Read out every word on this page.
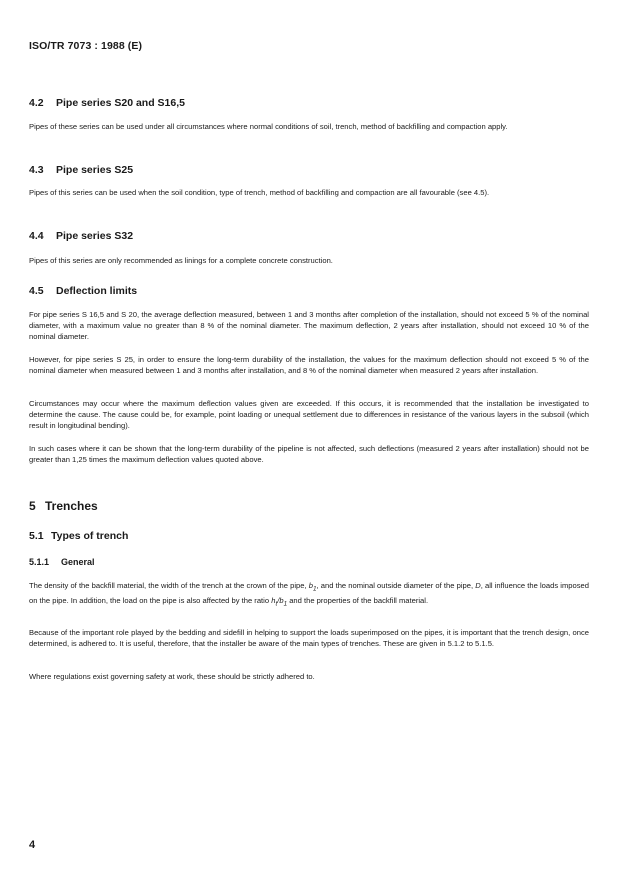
ISO/TR 7073 : 1988 (E)
4.2 Pipe series S20 and S16,5
Pipes of these series can be used under all circumstances where normal conditions of soil, trench, method of backfilling and compaction apply.
4.3 Pipe series S25
Pipes of this series can be used when the soil condition, type of trench, method of backfilling and compaction are all favourable (see 4.5).
4.4 Pipe series S32
Pipes of this series are only recommended as linings for a complete concrete construction.
4.5 Deflection limits
For pipe series S 16,5 and S 20, the average deflection measured, between 1 and 3 months after completion of the installation, should not exceed 5 % of the nominal diameter, with a maximum value no greater than 8 % of the nominal diameter. The maximum deflection, 2 years after installation, should not exceed 10 % of the nominal diameter.
However, for pipe series S 25, in order to ensure the long-term durability of the installation, the values for the maximum deflection should not exceed 5 % of the nominal diameter when measured between 1 and 3 months after installation, and 8 % of the nominal diameter when measured 2 years after installation.
Circumstances may occur where the maximum deflection values given are exceeded. If this occurs, it is recommended that the installation be investigated to determine the cause. The cause could be, for example, point loading or unequal settlement due to differences in resistance of the various layers in the subsoil (which result in longitudinal bending).
In such cases where it can be shown that the long-term durability of the pipeline is not affected, such deflections (measured 2 years after installation) should not be greater than 1,25 times the maximum deflection values quoted above.
5 Trenches
5.1 Types of trench
5.1.1 General
The density of the backfill material, the width of the trench at the crown of the pipe, $b_1$, and the nominal outside diameter of the pipe, D, all influence the loads imposed on the pipe. In addition, the load on the pipe is also affected by the ratio $h_t/b_1$ and the properties of the backfill material.
Because of the important role played by the bedding and sidefill in helping to support the loads superimposed on the pipes, it is important that the trench design, once determined, is adhered to. It is useful, therefore, that the installer be aware of the main types of trenches. These are given in 5.1.2 to 5.1.5.
Where regulations exist governing safety at work, these should be strictly adhered to.
4
